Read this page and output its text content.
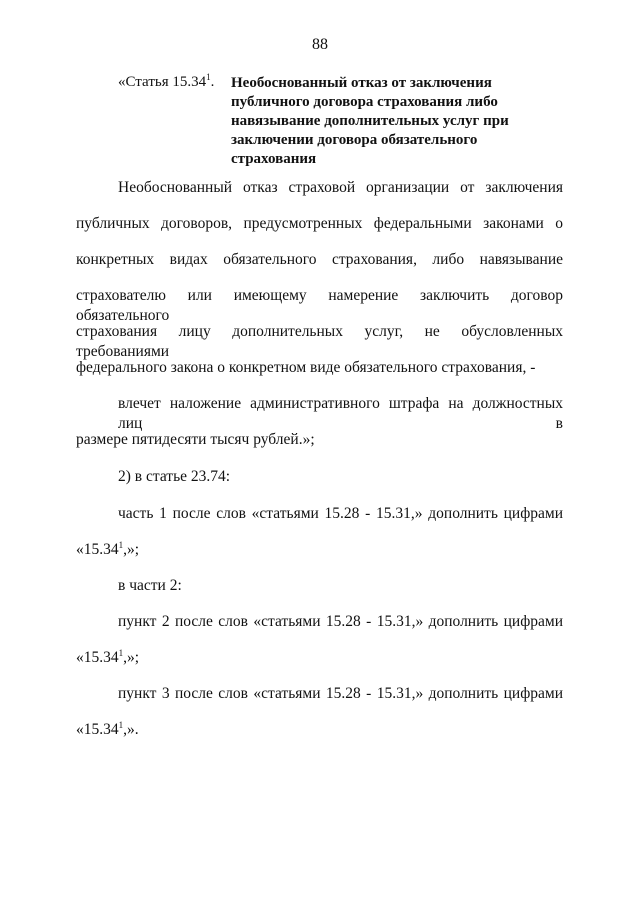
88
«Статья 15.34$^1$. Необоснованный отказ от заключения публичного договора страхования либо навязывание дополнительных услуг при заключении договора обязательного страхования
Необоснованный отказ страховой организации от заключения
публичных договоров, предусмотренных федеральными законами о
конкретных видах обязательного страхования, либо навязывание
страхователю или имеющему намерение заключить договор обязательного
страхования лицу дополнительных услуг, не обусловленных требованиями
федерального закона о конкретном виде обязательного страхования, -
влечет наложение административного штрафа на должностных лиц в
размере пятидесяти тысяч рублей.»;
2) в статье 23.74:
часть 1 после слов «статьями 15.28 - 15.31,» дополнить цифрами
«15.34$^1$,»;
в части 2:
пункт 2 после слов «статьями 15.28 - 15.31,» дополнить цифрами
«15.34$^1$,»;
пункт 3 после слов «статьями 15.28 - 15.31,» дополнить цифрами
«15.34$^1$,».
